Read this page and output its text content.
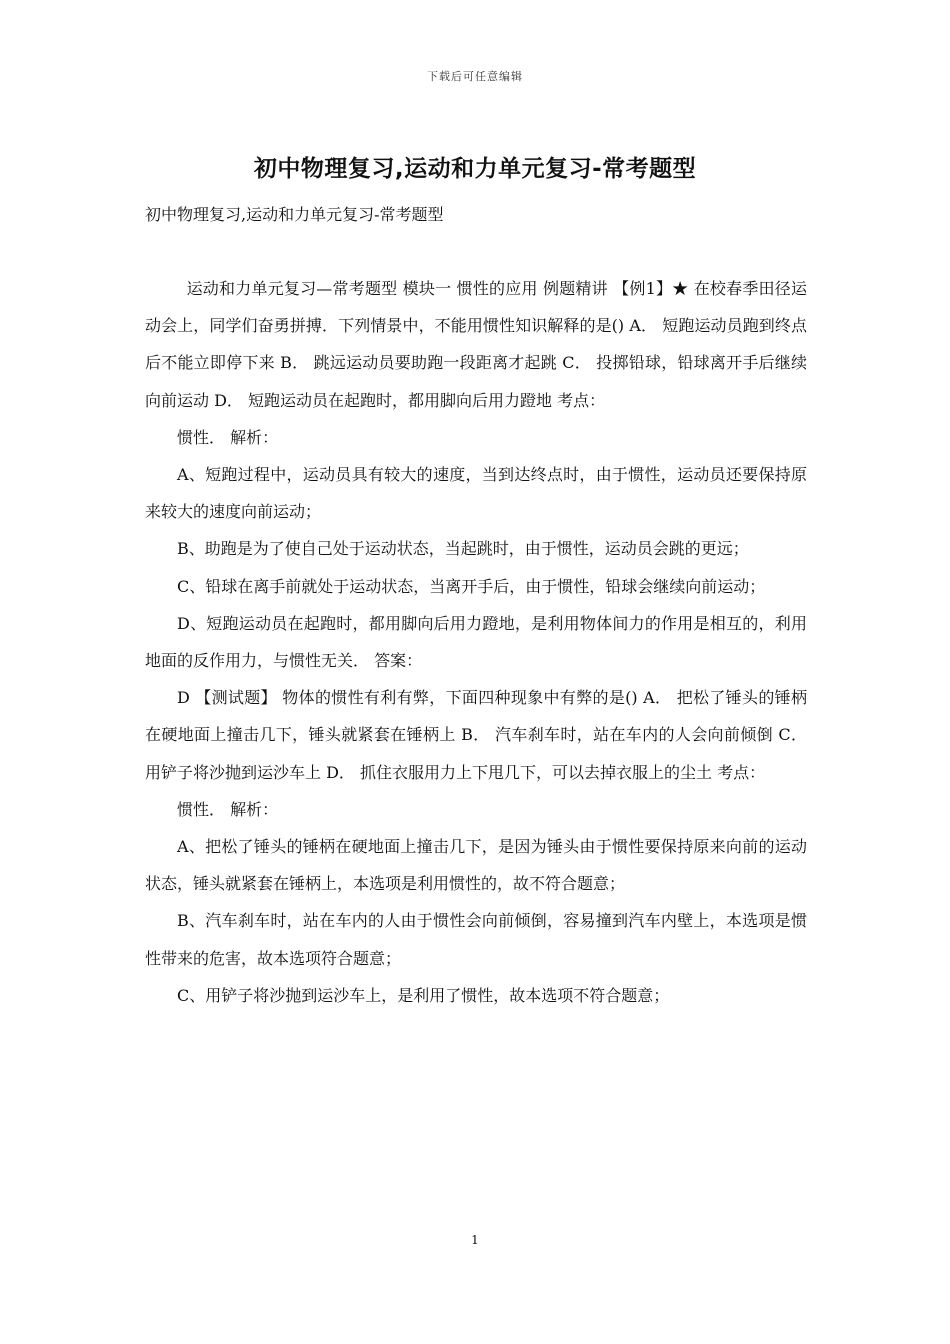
下载后可任意编辑
初中物理复习,运动和力单元复习-常考题型
初中物理复习,运动和力单元复习-常考题型

运动和力单元复习—常考题型 模块一 惯性的应用 例题精讲 【例1】★ 在校春季田径运动会上，同学们奋勇拼搏．下列情景中，不能用惯性知识解释的是() A． 短跑运动员跑到终点后不能立即停下来 B． 跳远运动员要助跑一段距离才起跳 C． 投掷铅球，铅球离开手后继续向前运动 D． 短跑运动员在起跑时，都用脚向后用力蹬地 考点：

惯性． 解析：

A、短跑过程中，运动员具有较大的速度，当到达终点时，由于惯性，运动员还要保持原来较大的速度向前运动；

B、助跑是为了使自己处于运动状态，当起跳时，由于惯性，运动员会跳的更远；

C、铅球在离手前就处于运动状态，当离开手后，由于惯性，铅球会继续向前运动；

D、短跑运动员在起跑时，都用脚向后用力蹬地，是利用物体间力的作用是相互的，利用地面的反作用力，与惯性无关． 答案：

D 【测试题】 物体的惯性有利有弊，下面四种现象中有弊的是() A． 把松了锤头的锤柄在硬地面上撞击几下，锤头就紧套在锤柄上 B． 汽车刹车时，站在车内的人会向前倾倒 C． 用铲子将沙抛到运沙车上 D． 抓住衣服用力上下甩几下，可以去掉衣服上的尘土 考点：

惯性． 解析：

A、把松了锤头的锤柄在硬地面上撞击几下，是因为锤头由于惯性要保持原来向前的运动状态，锤头就紧套在锤柄上，本选项是利用惯性的，故不符合题意；

B、汽车刹车时，站在车内的人由于惯性会向前倾倒，容易撞到汽车内壁上，本选项是惯性带来的危害，故本选项符合题意；

C、用铲子将沙抛到运沙车上，是利用了惯性，故本选项不符合题意；

1
